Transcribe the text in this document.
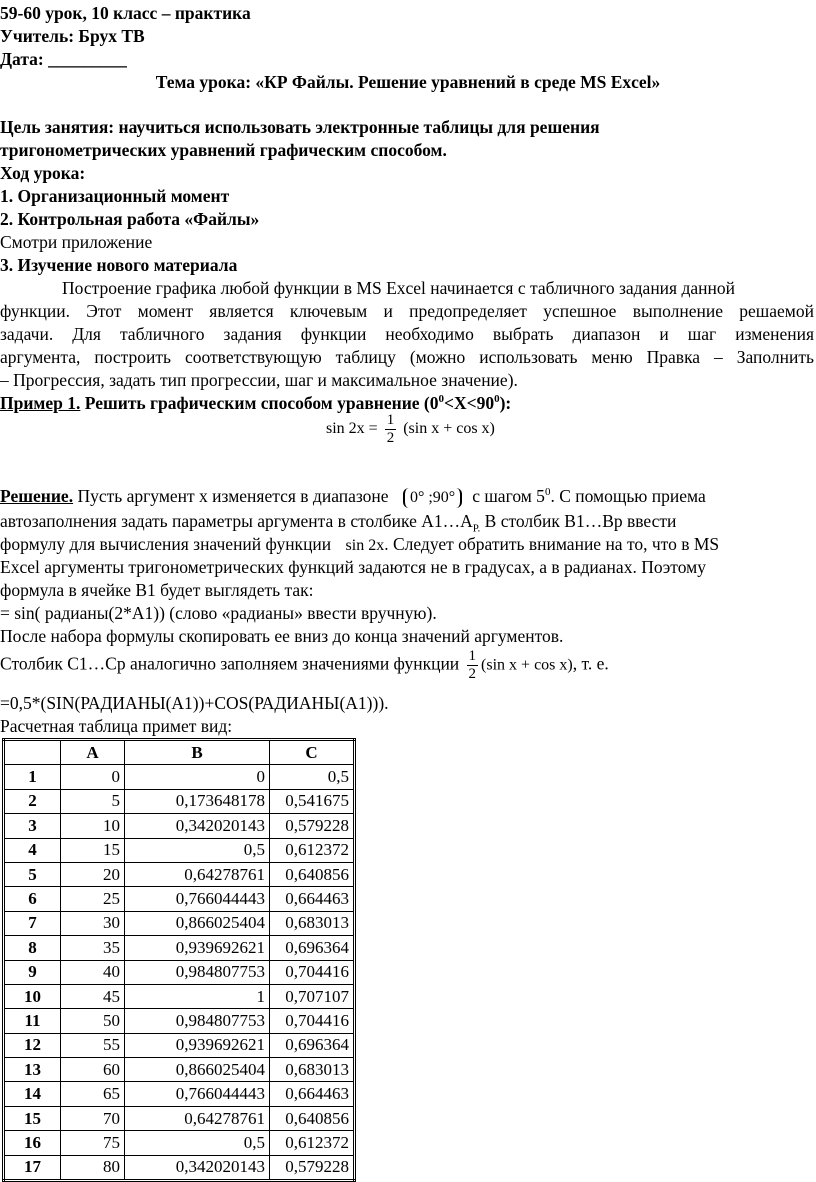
59-60 урок, 10 класс – практика
Учитель: Брух ТВ
Дата: _________
Тема урока: «КР Файлы. Решение уравнений в среде MS Excel»
Цель занятия: научиться использовать электронные таблицы для решения
тригонометрических уравнений графическим способом.
Ход урока:
1. Организационный момент
2. Контрольная работа «Файлы»
Смотри приложение
3. Изучение нового материала
Построение графика любой функции в MS Excel начинается с табличного задания данной
функции. Этот момент является ключевым и предопределяет успешное выполнение решаемой
задачи. Для табличного задания функции необходимо выбрать диапазон и шаг изменения
аргумента, построить соответствующую таблицу (можно использовать меню Правка – Заполнить
– Прогрессия, задать тип прогрессии, шаг и максимальное значение).
Пример 1. Решить графическим способом уравнение $(0^0<X<90^0)$:
$\sin 2x = \frac{1}{2} (\sin$ x + cos x)
Решение. Пусть аргумент x изменяется в диапазоне 0° ;90° с шагом $5^0$. С помощью приема
автозаполнения задать параметры аргумента в столбике $А1\dots А_{Р.}$ В столбик В1…Вр ввести
формулу для вычисления значений функции sin 2x. Следует обратить внимание на то, что в MS
Excel аргументы тригонометрических функций задаются не в градусах, а в радианах. Поэтому
формула в ячейке В1 будет выглядеть так:
= sin( радианы(2*A1)) (слово «радианы» ввести вручную).
После набора формулы скопировать ее вниз до конца значений аргументов.
Столбик С1…Ср аналогично заполняем значениями функции $\frac{1}{2} (\sin$ x + cos x), т. е.
=0,5*(SIN(РАДИАНЫ(A1))+COS(РАДИАНЫ(A1))).
Расчетная таблица примет вид:
	A	B	C
1	0	0	0,5
2	5	0,173648178	0,541675
3	10	0,342020143	0,579228
4	15	0,5	0,612372
5	20	0,64278761	0,640856
6	25	0,766044443	0,664463
7	30	0,866025404	0,683013
8	35	0,939692621	0,696364
9	40	0,984807753	0,704416
10	45	1	0,707107
11	50	0,984807753	0,704416
12	55	0,939692621	0,696364
13	60	0,866025404	0,683013
14	65	0,766044443	0,664463
15	70	0,64278761	0,640856
16	75	0,5	0,612372
17	80	0,342020143	0,579228
